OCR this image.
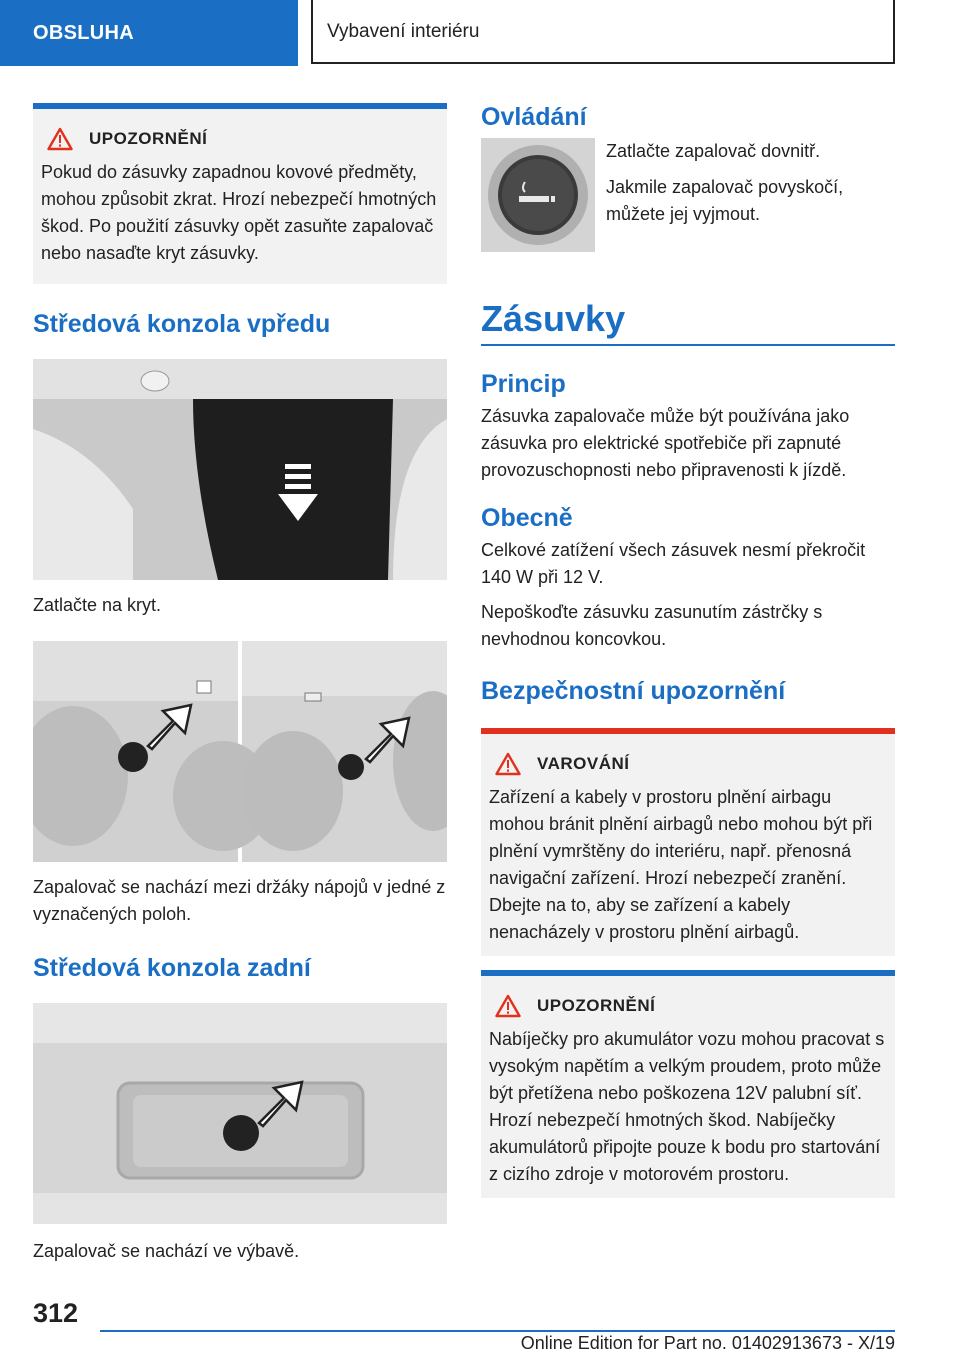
OBSLUHA	Vybavení interiéru
UPOZORNĚNÍ
Pokud do zásuvky zapadnou kovové předměty, mohou způsobit zkrat. Hrozí nebezpečí hmotných škod. Po použití zásuvky opět zasuňte zapalovač nebo nasaďte kryt zásuvky.
Středová konzola vpředu

Zatlačte na kryt.

Zapalovač se nachází mezi držáky nápojů v jedné z vyznačených poloh.

Středová konzola zadní

Zapalovač se nachází ve výbavě.

Ovládání

Zatlačte zapalovač dovnitř.

Jakmile zapalovač povyskočí, můžete jej vyjmout.

Zásuvky
Princip

Zásuvka zapalovače může být používána jako zásuvka pro elektrické spotřebiče při zapnuté provozuschopnosti nebo připravenosti k jízdě.

Obecně

Celkové zatížení všech zásuvek nesmí překročit 140 W při 12 V.

Nepoškoďte zásuvku zasunutím zástrčky s nevhodnou koncovkou.

Bezpečnostní upozornění
VAROVÁNÍ
Zařízení a kabely v prostoru plnění airbagu mohou bránit plnění airbagů nebo mohou být při plnění vymrštěny do interiéru, např. přenosná navigační zařízení. Hrozí nebezpečí zranění. Dbejte na to, aby se zařízení a kabely nenacházely v prostoru plnění airbagů.
UPOZORNĚNÍ
Nabíječky pro akumulátor vozu mohou pracovat s vysokým napětím a velkým proudem, proto může být přetížena nebo poškozena 12V palubní síť. Hrozí nebezpečí hmotných škod. Nabíječky akumulátorů připojte pouze k bodu pro startování z cizího zdroje v motorovém prostoru.
312
Online Edition for Part no. 01402913673 - X/19
